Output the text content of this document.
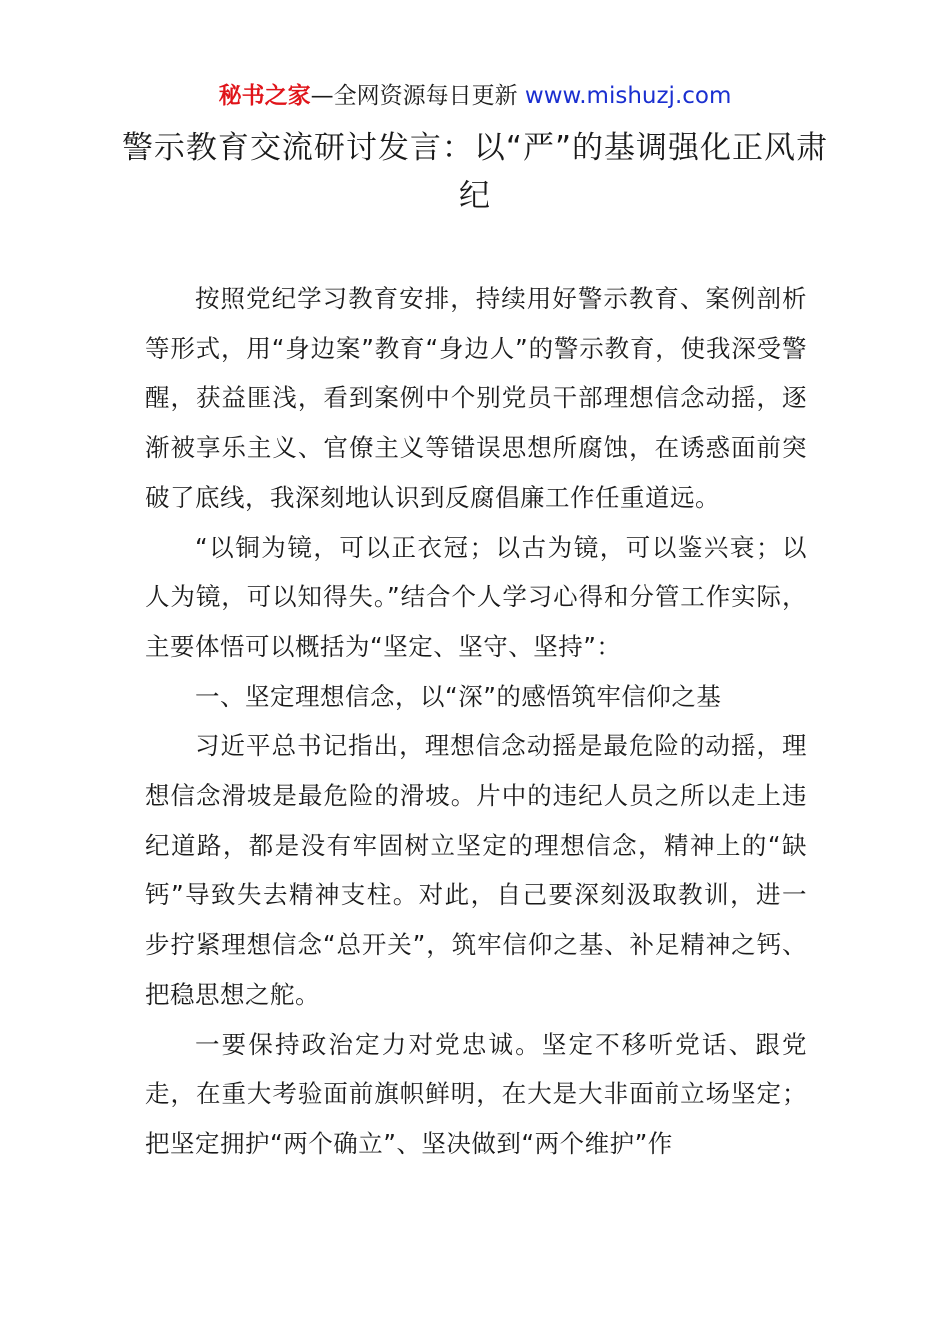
秘书之家—全网资源每日更新 www.mishuzj.com
警示教育交流研讨发言：以“严”的基调强化正风肃纪

按照党纪学习教育安排，持续用好警示教育、案例剖析等形式，用“身边案”教育“身边人”的警示教育，使我深受警醒，获益匪浅，看到案例中个别党员干部理想信念动摇，逐渐被享乐主义、官僚主义等错误思想所腐蚀，在诱惑面前突破了底线，我深刻地认识到反腐倡廉工作任重道远。

“以铜为镜，可以正衣冠；以古为镜，可以鉴兴衰；以人为镜，可以知得失。”结合个人学习心得和分管工作实际，主要体悟可以概括为“坚定、坚守、坚持”：

一、坚定理想信念，以“深”的感悟筑牢信仰之基

习近平总书记指出，理想信念动摇是最危险的动摇，理想信念滑坡是最危险的滑坡。片中的违纪人员之所以走上违纪道路，都是没有牢固树立坚定的理想信念，精神上的“缺钙”导致失去精神支柱。对此，自己要深刻汲取教训，进一步拧紧理想信念“总开关”，筑牢信仰之基、补足精神之钙、把稳思想之舵。

一要保持政治定力对党忠诚。坚定不移听党话、跟党走，在重大考验面前旗帜鲜明，在大是大非面前立场坚定；把坚定拥护“两个确立”、坚决做到“两个维护”作
